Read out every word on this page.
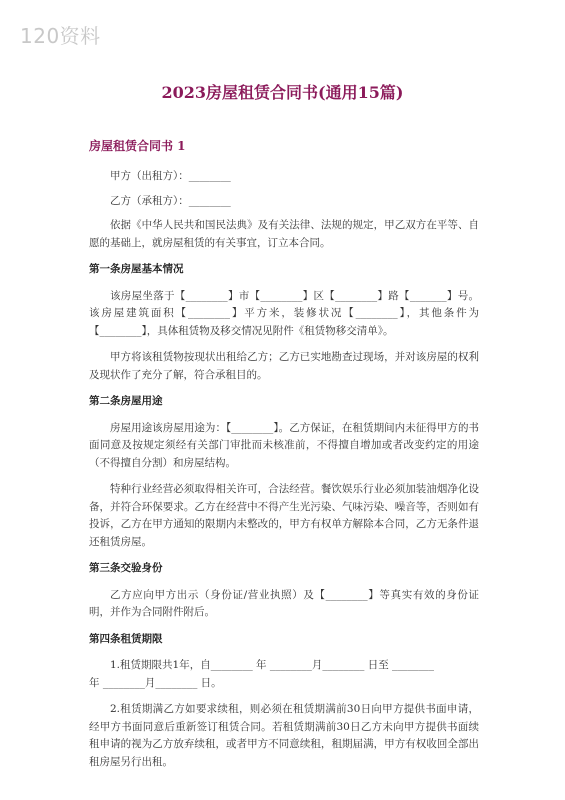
120资料
2023房屋租赁合同书(通用15篇)
房屋租赁合同书 1

甲方（出租方）：________

乙方（承租方）：________

依据《中华人民共和国民法典》及有关法律、法规的规定，甲乙双方在平等、自愿的基础上，就房屋租赁的有关事宜，订立本合同。

第一条房屋基本情况

该房屋坐落于【________】市【________】区【________】路【_______】号。该房屋建筑面积【________】平方米，装修状况【________】，其他条件为【________】，具体租赁物及移交情况见附件《租赁物移交清单》。

甲方将该租赁物按现状出租给乙方；乙方已实地勘查过现场，并对该房屋的权利及现状作了充分了解，符合承租目的。

第二条房屋用途

房屋用途该房屋用途为：【________】。乙方保证，在租赁期间内未征得甲方的书面同意及按规定须经有关部门审批而未核准前，不得擅自增加或者改变约定的用途（不得擅自分割）和房屋结构。

特种行业经营必须取得相关许可，合法经营。餐饮娱乐行业必须加装油烟净化设备，并符合环保要求。乙方在经营中不得产生光污染、气味污染、噪音等，否则如有投诉，乙方在甲方通知的限期内未整改的，甲方有权单方解除本合同，乙方无条件退还租赁房屋。

第三条交验身份

乙方应向甲方出示（身份证/营业执照）及【________】等真实有效的身份证明，并作为合同附件附后。

第四条租赁期限

1.租赁期限共1年，自________ 年 ________月________ 日至 ________

年 ________月________ 日。

2.租赁期满乙方如要求续租，则必须在租赁期满前30日向甲方提供书面申请，经甲方书面同意后重新签订租赁合同。若租赁期满前30日乙方未向甲方提供书面续租申请的视为乙方放弃续租，或者甲方不同意续租，租期届满，甲方有权收回全部出租房屋另行出租。
